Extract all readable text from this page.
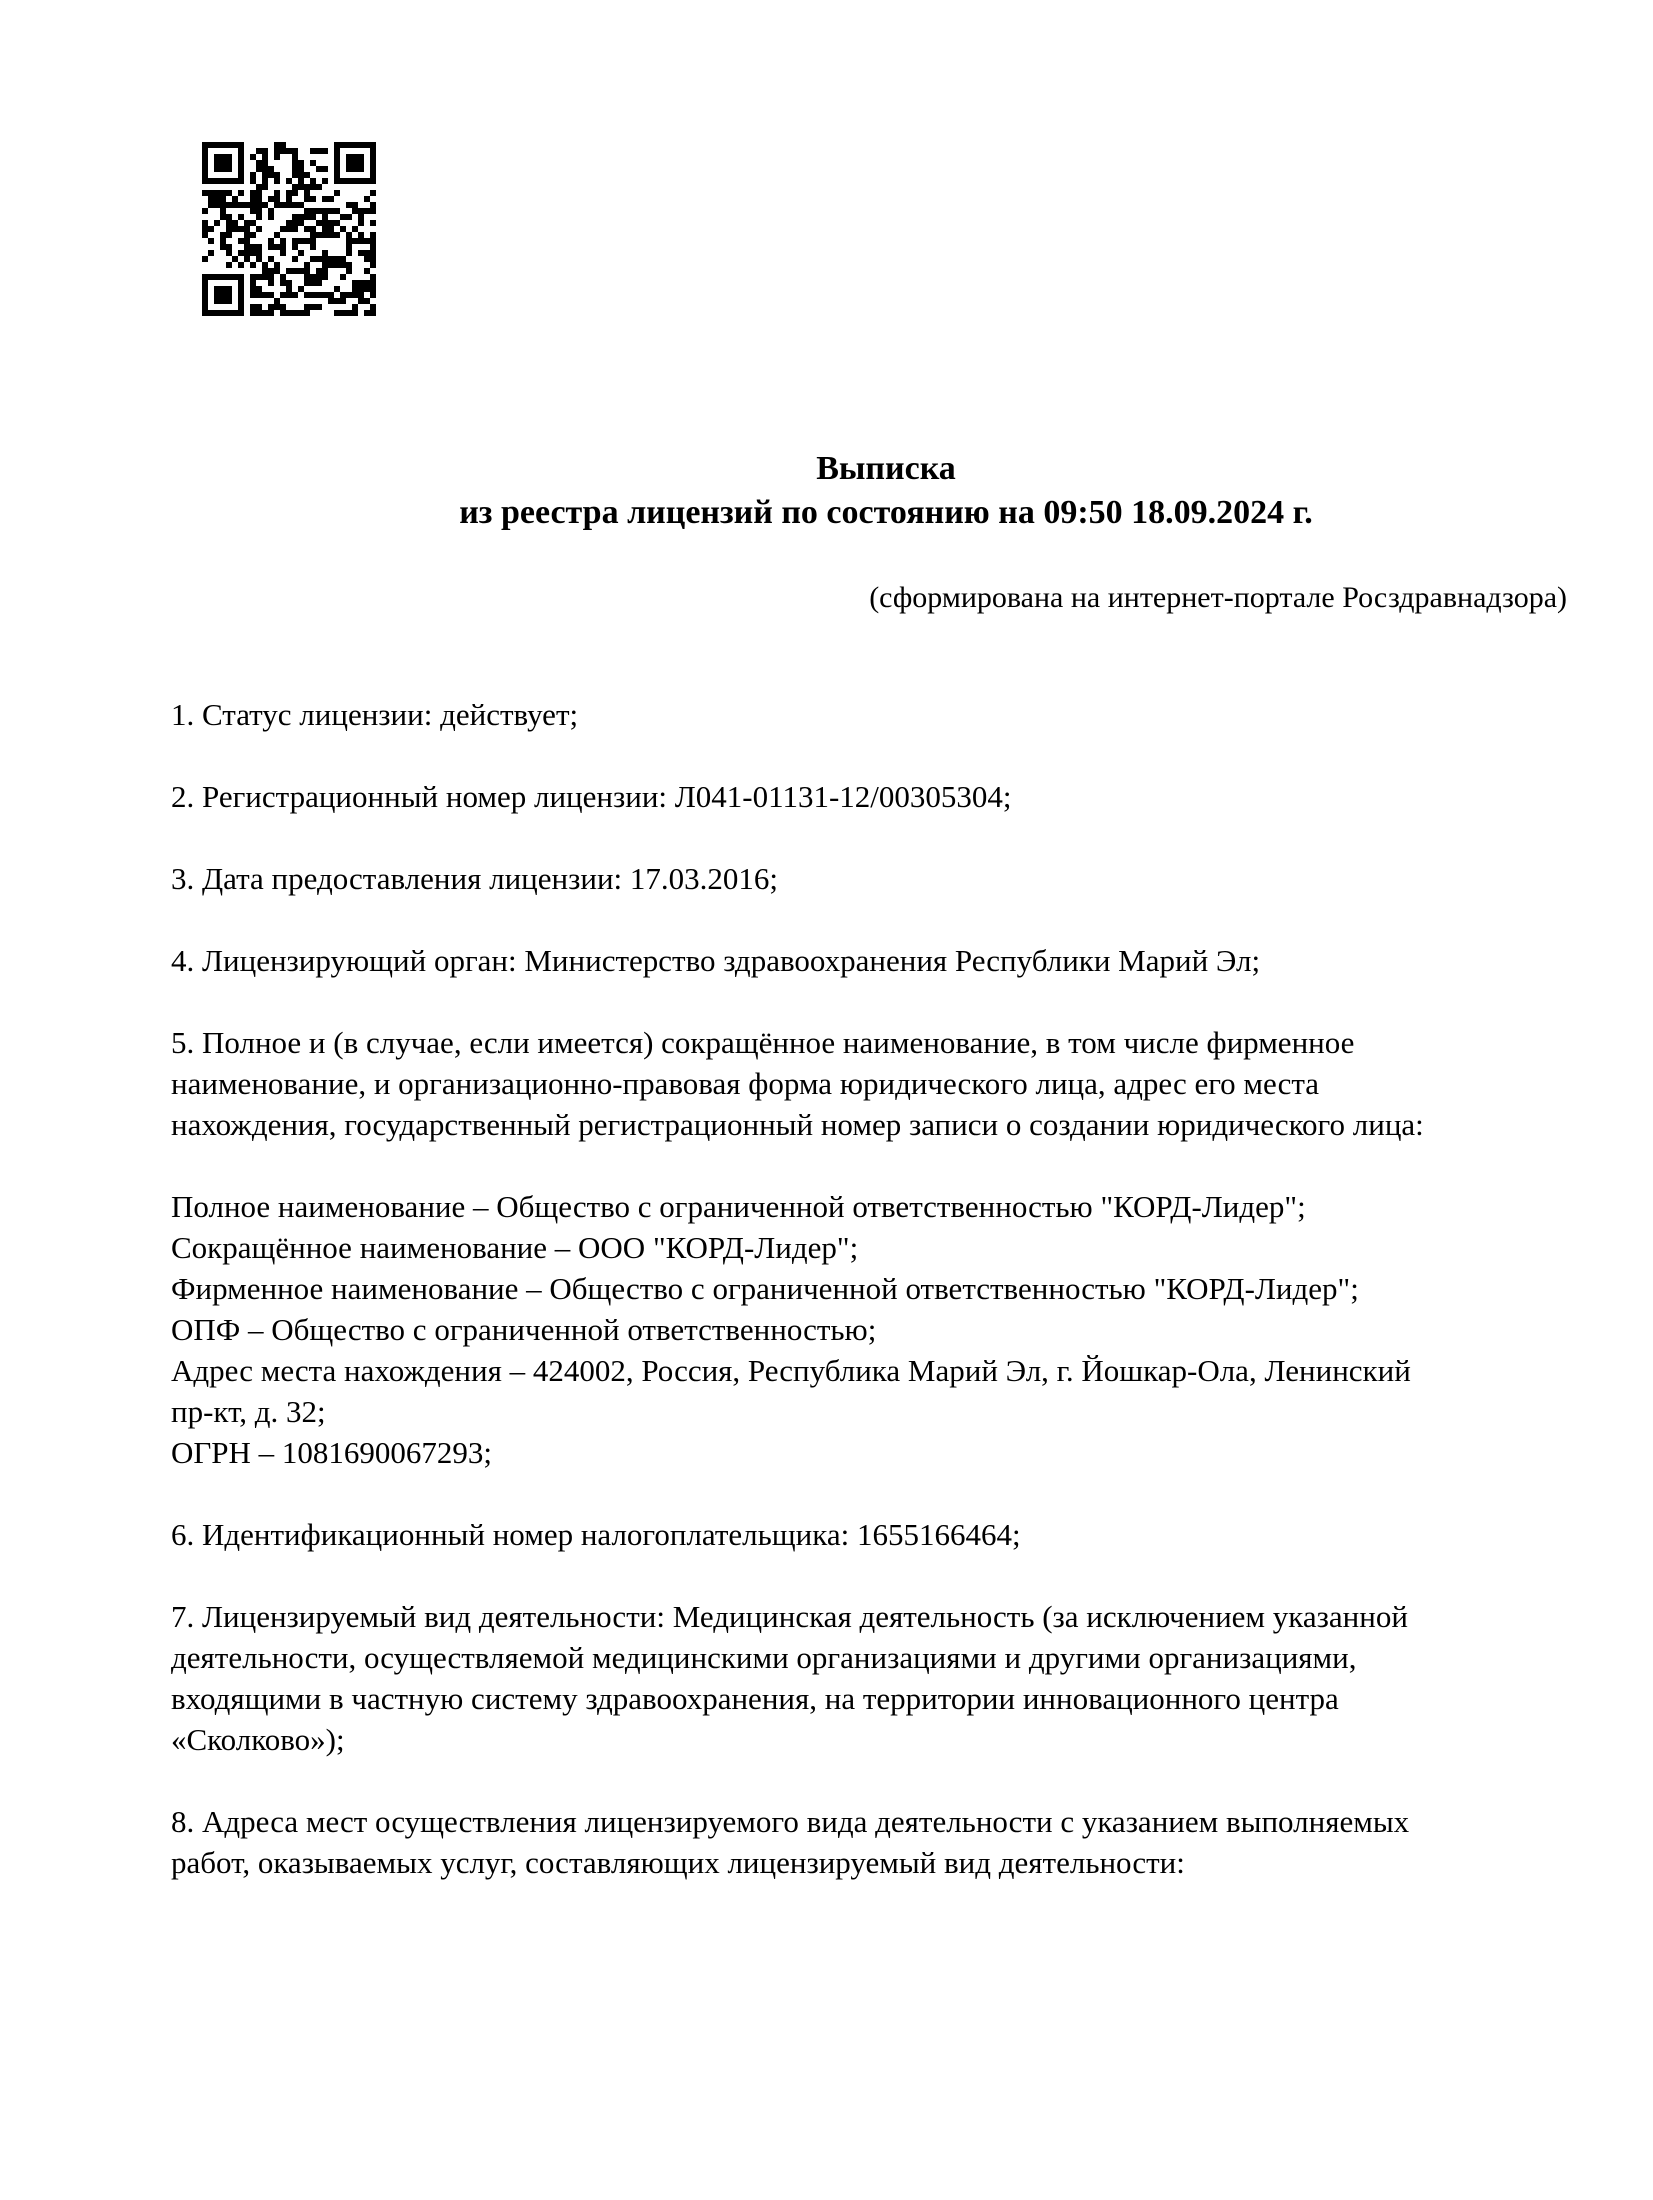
Выписка
из реестра лицензий по состоянию на 09:50 18.09.2024 г.
(сформирована на интернет-портале Росздравнадзора)
1. Статус лицензии: действует;
2. Регистрационный номер лицензии: Л041-01131-12/00305304;
3. Дата предоставления лицензии: 17.03.2016;
4. Лицензирующий орган: Министерство здравоохранения Республики Марий Эл;
5. Полное и (в случае, если имеется) сокращённое наименование, в том числе фирменное
наименование, и организационно-правовая форма юридического лица, адрес его места
нахождения, государственный регистрационный номер записи о создании юридического лица:
Полное наименование – Общество с ограниченной ответственностью "КОРД-Лидер";
Сокращённое наименование – ООО "КОРД-Лидер";
Фирменное наименование – Общество с ограниченной ответственностью "КОРД-Лидер";
ОПФ – Общество с ограниченной ответственностью;
Адрес места нахождения – 424002, Россия, Республика Марий Эл, г. Йошкар-Ола, Ленинский
пр-кт, д. 32;
ОГРН – 1081690067293;
6. Идентификационный номер налогоплательщика: 1655166464;
7. Лицензируемый вид деятельности: Медицинская деятельность (за исключением указанной
деятельности, осуществляемой медицинскими организациями и другими организациями,
входящими в частную систему здравоохранения, на территории инновационного центра
«Сколково»);
8. Адреса мест осуществления лицензируемого вида деятельности с указанием выполняемых
работ, оказываемых услуг, составляющих лицензируемый вид деятельности:
